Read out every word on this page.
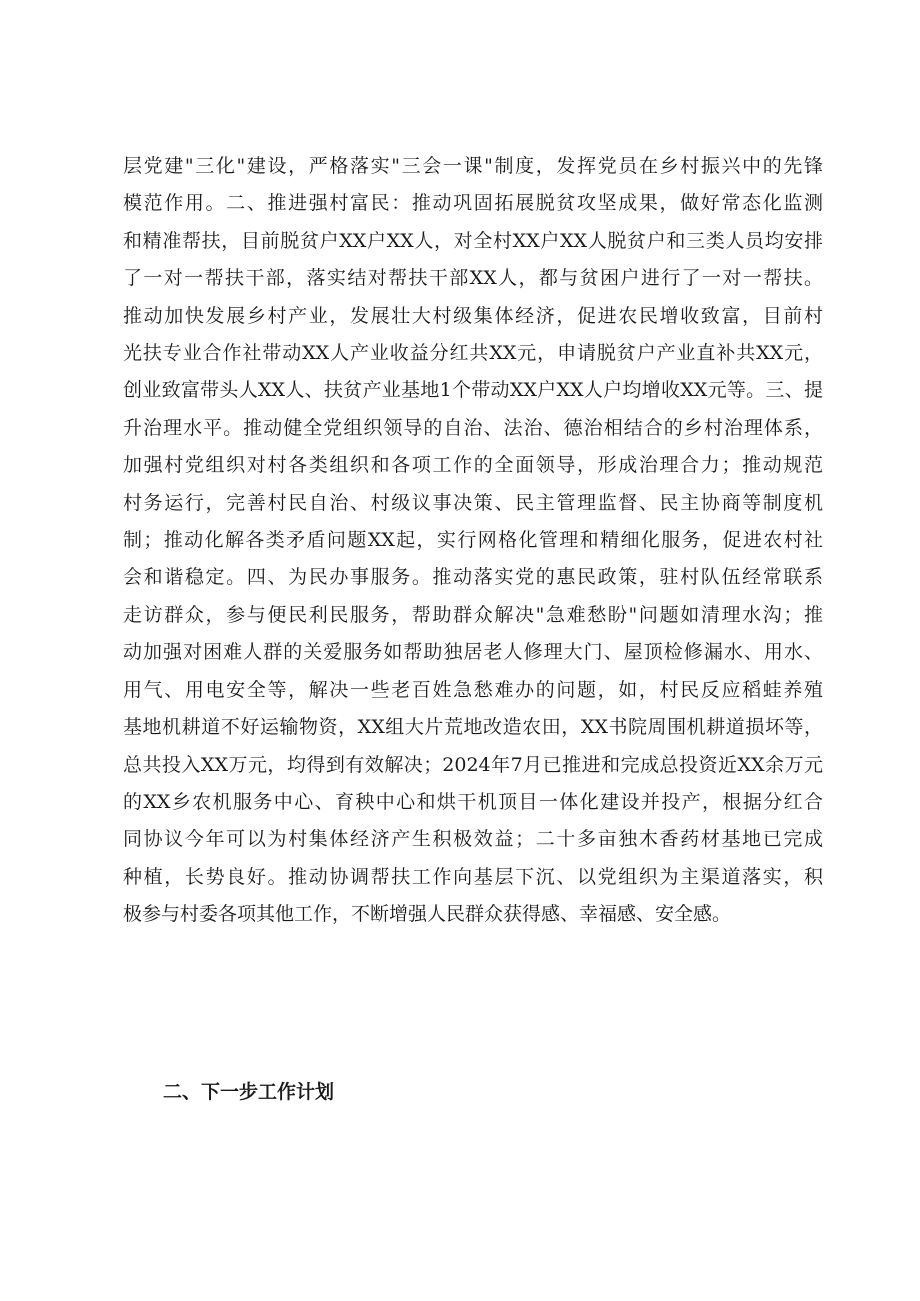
层党建"三化"建设，严格落实"三会一课"制度，发挥党员在乡村振兴中的先锋
模范作用。二、推进强村富民：推动巩固拓展脱贫攻坚成果，做好常态化监测
和精准帮扶，目前脱贫户XX户XX人，对全村XX户XX人脱贫户和三类人员均安排
了一对一帮扶干部，落实结对帮扶干部XX人，都与贫困户进行了一对一帮扶。
推动加快发展乡村产业，发展壮大村级集体经济，促进农民增收致富，目前村
光扶专业合作社带动XX人产业收益分红共XX元，申请脱贫户产业直补共XX元，
创业致富带头人XX人、扶贫产业基地1个带动XX户XX人户均增收XX元等。三、提
升治理水平。推动健全党组织领导的自治、法治、德治相结合的乡村治理体系，
加强村党组织对村各类组织和各项工作的全面领导，形成治理合力；推动规范
村务运行，完善村民自治、村级议事决策、民主管理监督、民主协商等制度机
制；推动化解各类矛盾问题XX起，实行网格化管理和精细化服务，促进农村社
会和谐稳定。四、为民办事服务。推动落实党的惠民政策，驻村队伍经常联系
走访群众，参与便民利民服务，帮助群众解决"急难愁盼"问题如清理水沟；推
动加强对困难人群的关爱服务如帮助独居老人修理大门、屋顶检修漏水、用水、
用气、用电安全等，解决一些老百姓急愁难办的问题，如，村民反应稻蛙养殖
基地机耕道不好运输物资，XX组大片荒地改造农田，XX书院周围机耕道损坏等，
总共投入XX万元，均得到有效解决；2024年7月已推进和完成总投资近XX余万元
的XX乡农机服务中心、育秧中心和烘干机顶目一体化建设并投产，根据分红合
同协议今年可以为村集体经济产生积极效益；二十多亩独木香药材基地已完成
种植，长势良好。推动协调帮扶工作向基层下沉、以党组织为主渠道落实，积
极参与村委各项其他工作，不断增强人民群众获得感、幸福感、安全感。
二、下一步工作计划
